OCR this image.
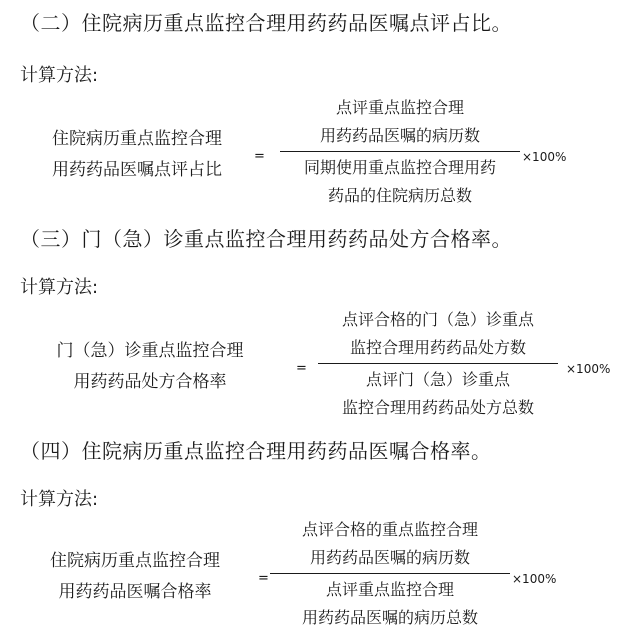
（二）住院病历重点监控合理用药药品医嘱点评占比。
计算方法:
住院病历重点监控合理
用药药品医嘱点评占比
=
点评重点监控合理
用药药品医嘱的病历数
同期使用重点监控合理用药
药品的住院病历总数
×100%
（三）门（急）诊重点监控合理用药药品处方合格率。
计算方法:
门（急）诊重点监控合理
用药药品处方合格率
=
点评合格的门（急）诊重点
监控合理用药药品处方数
点评门（急）诊重点
监控合理用药药品处方总数
×100%
（四）住院病历重点监控合理用药药品医嘱合格率。
计算方法:
住院病历重点监控合理
用药药品医嘱合格率
=
点评合格的重点监控合理
用药药品医嘱的病历数
点评重点监控合理
用药药品医嘱的病历总数
×100%
